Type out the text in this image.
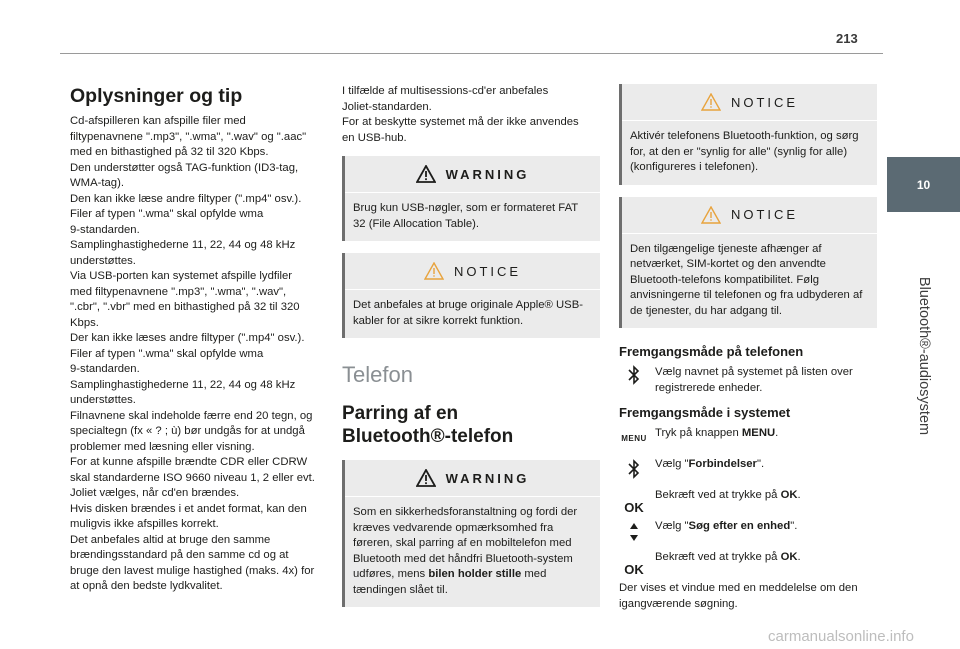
213
10
Bluetooth®-audiosystem
Oplysninger og tip
Cd-afspilleren kan afspille filer med
filtypenavnene ".mp3", ".wma", ".wav" og ".aac"
med en bithastighed på 32 til 320 Kbps.
Den understøtter også TAG-funktion (ID3-tag,
WMA-tag).
Den kan ikke læse andre filtyper (".mp4" osv.).
Filer af typen ".wma" skal opfylde wma
9-standarden.
Samplinghastighederne 11, 22, 44 og 48 kHz
understøttes.
Via USB-porten kan systemet afspille lydfiler
med filtypenavnene ".mp3", ".wma", ".wav",
".cbr", ".vbr" med en bithastighed på 32 til 320
Kbps.
Der kan ikke læses andre filtyper (".mp4" osv.).
Filer af typen ".wma" skal opfylde wma
9-standarden.
Samplinghastighederne 11, 22, 44 og 48 kHz
understøttes.
Filnavnene skal indeholde færre end 20 tegn, og
specialtegn (fx « ? ; ù) bør undgås for at undgå
problemer med læsning eller visning.
For at kunne afspille brændte CDR eller CDRW
skal standarderne ISO 9660 niveau 1, 2 eller evt.
Joliet vælges, når cd'en brændes.
Hvis disken brændes i et andet format, kan den
muligvis ikke afspilles korrekt.
Det anbefales altid at bruge den samme
brændingsstandard på den samme cd og at
bruge den lavest mulige hastighed (maks. 4x) for
at opnå den bedste lydkvalitet.
I tilfælde af multisessions-cd'er anbefales
Joliet-standarden.
For at beskytte systemet må der ikke anvendes
en USB-hub.
WARNING
Brug kun USB-nøgler, som er formateret FAT 32 (File Allocation Table).
NOTICE
Det anbefales at bruge originale Apple® USB-kabler for at sikre korrekt funktion.
Telefon
Parring af en
Bluetooth®-telefon
WARNING
Som en sikkerhedsforanstaltning og fordi der kræves vedvarende opmærksomhed fra føreren, skal parring af en mobiltelefon med Bluetooth med det håndfri Bluetooth-system udføres, mens bilen holder stille med tændingen slået til.
NOTICE
Aktivér telefonens Bluetooth-funktion, og sørg for, at den er "synlig for alle" (synlig for alle) (konfigureres i telefonen).
NOTICE
Den tilgængelige tjeneste afhænger af netværket, SIM-kortet og den anvendte Bluetooth-telefons kompatibilitet. Følg anvisningerne til telefonen og fra udbyderen af de tjenester, du har adgang til.
Fremgangsmåde på telefonen
Vælg navnet på systemet på listen over registrerede enheder.
Fremgangsmåde i systemet
MENU Tryk på knappen MENU.
Vælg "Forbindelser".
OK
Bekræft ved at trykke på OK.
Vælg "Søg efter en enhed".
OK
Bekræft ved at trykke på OK.
Der vises et vindue med en meddelelse om den igangværende søgning.
carmanualsonline.info
